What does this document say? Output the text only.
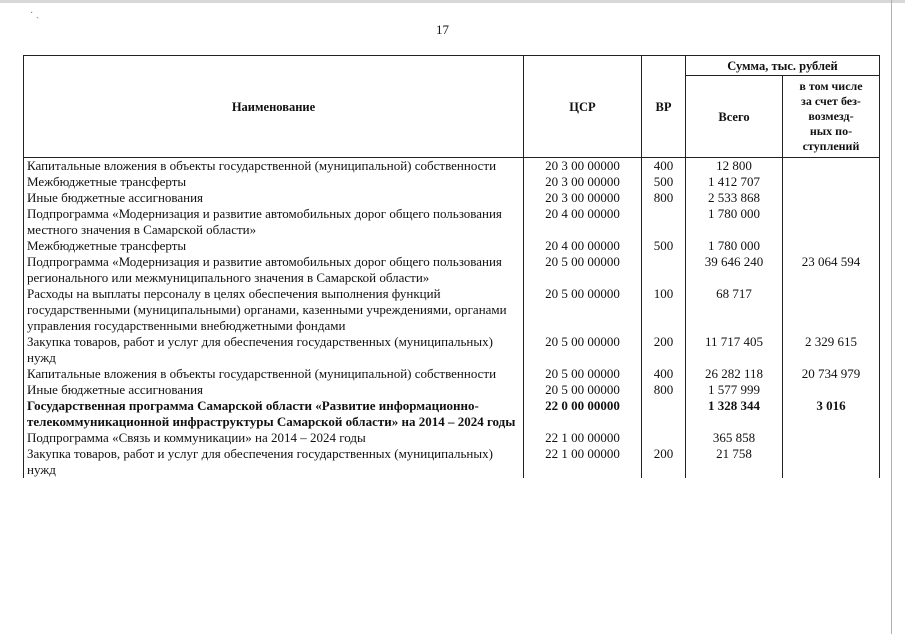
· ˏ
17
Наименование	ЦСР	ВР	Сумма, тыс. рублей	
			Всего	в том числе
за счет без-
возмезд-
ных по-
ступлений

Капитальные вложения в объекты государственной (муниципальной) собственности	20 3 00 00000	400	12 800	
Межбюджетные трансферты	20 3 00 00000	500	1 412 707	
Иные бюджетные ассигнования	20 3 00 00000	800	2 533 868	
Подпрограмма «Модернизация и развитие автомобильных дорог общего пользования местного значения в Самарской области»	20 4 00 00000		1 780 000	
Межбюджетные трансферты	20 4 00 00000	500	1 780 000	
Подпрограмма «Модернизация и развитие автомобильных дорог общего пользования регионального или межмуниципального значения в Самарской области»	20 5 00 00000		39 646 240	23 064 594
Расходы на выплаты персоналу в целях обеспечения выполнения функций государственными (муниципальными) органами, казенными учреждениями, органами управления государственными внебюджетными фондами	20 5 00 00000	100	68 717	
Закупка товаров, работ и услуг для обеспечения государственных (муниципальных) нужд	20 5 00 00000	200	11 717 405	2 329 615
Капитальные вложения в объекты государственной (муниципальной) собственности	20 5 00 00000	400	26 282 118	20 734 979
Иные бюджетные ассигнования	20 5 00 00000	800	1 577 999	
Государственная программа Самарской области «Развитие информационно-телекоммуникационной инфраструктуры Самарской области» на 2014 – 2024 годы	22 0 00 00000		1 328 344	3 016
Подпрограмма «Связь и коммуникации» на 2014 – 2024 годы	22 1 00 00000		365 858	
Закупка товаров, работ и услуг для обеспечения государственных (муниципальных) нужд	22 1 00 00000	200	21 758	
